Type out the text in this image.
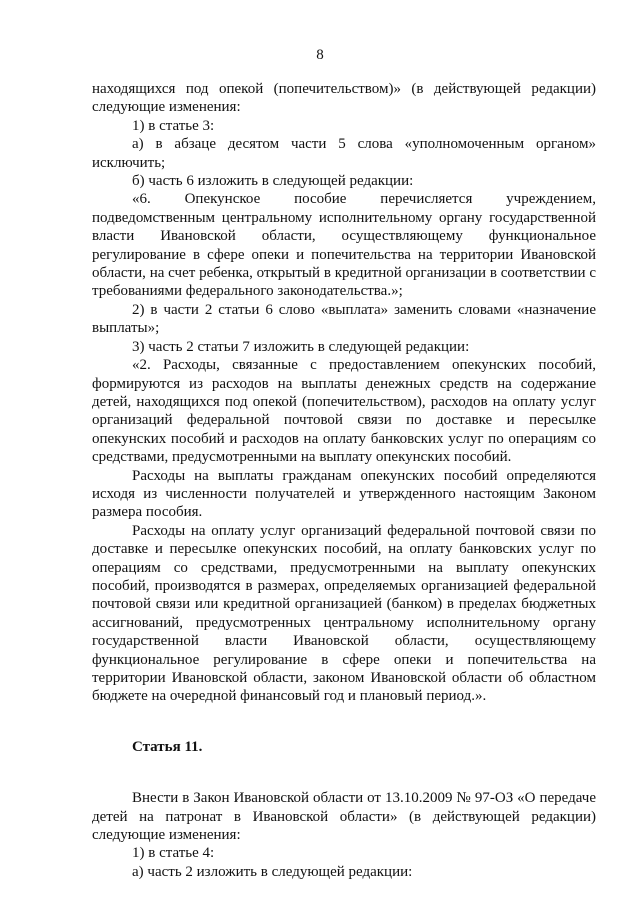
8

находящихся под опекой (попечительством)» (в действующей редакции) следующие изменения:

1) в статье 3:

а) в абзаце десятом части 5 слова «уполномоченным органом» исключить;

б) часть 6 изложить в следующей редакции:

«6. Опекунское пособие перечисляется учреждением, подведомственным центральному исполнительному органу государственной власти Ивановской области, осуществляющему функциональное регулирование в сфере опеки и попечительства на территории Ивановской области, на счет ребенка, открытый в кредитной организации в соответствии с требованиями федерального законодательства.»;

2) в части 2 статьи 6 слово «выплата» заменить словами «назначение выплаты»;

3) часть 2 статьи 7 изложить в следующей редакции:

«2. Расходы, связанные с предоставлением опекунских пособий, формируются из расходов на выплаты денежных средств на содержание детей, находящихся под опекой (попечительством), расходов на оплату услуг организаций федеральной почтовой связи по доставке и пересылке опекунских пособий и расходов на оплату банковских услуг по операциям со средствами, предусмотренными на выплату опекунских пособий.

Расходы на выплаты гражданам опекунских пособий определяются исходя из численности получателей и утвержденного настоящим Законом размера пособия.

Расходы на оплату услуг организаций федеральной почтовой связи по доставке и пересылке опекунских пособий, на оплату банковских услуг по операциям со средствами, предусмотренными на выплату опекунских пособий, производятся в размерах, определяемых организацией федеральной почтовой связи или кредитной организацией (банком) в пределах бюджетных ассигнований, предусмотренных центральному исполнительному органу государственной власти Ивановской области, осуществляющему функциональное регулирование в сфере опеки и попечительства на территории Ивановской области, законом Ивановской области об областном бюджете на очередной финансовый год и плановый период.».

Статья 11.

Внести в Закон Ивановской области от 13.10.2009 № 97-ОЗ «О передаче детей на патронат в Ивановской области» (в действующей редакции) следующие изменения:

1) в статье 4:

а) часть 2 изложить в следующей редакции:
